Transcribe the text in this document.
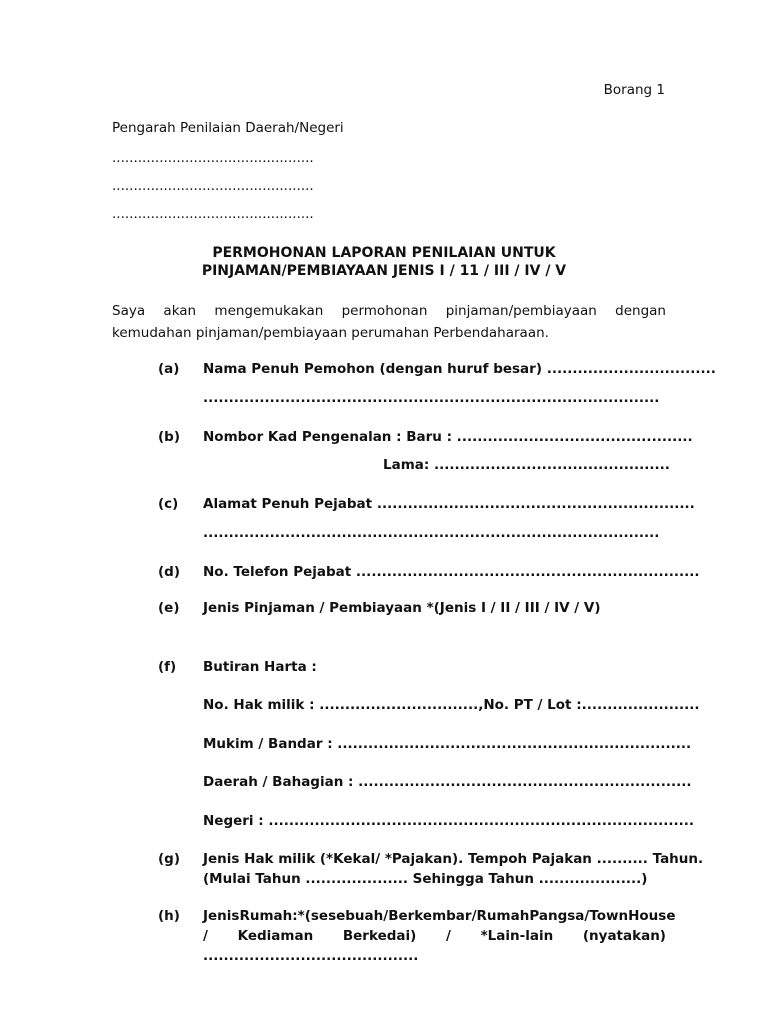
Borang 1
Pengarah Penilaian Daerah/Negeri
...............................................
...............................................
...............................................
PERMOHONAN LAPORAN PENILAIAN UNTUK
PINJAMAN/PEMBIAYAAN JENIS I / 11 / III / IV / V
Saya akan mengemukakan permohonan pinjaman/pembiayaan dengan kemudahan pinjaman/pembiayaan perumahan Perbendaharaan.
(a) Nama Penuh Pemohon (dengan huruf besar) .................................
.........................................................................................
(b) Nombor Kad Pengenalan : Baru : ..............................................
Lama: ..............................................
(c) Alamat Penuh Pejabat ..............................................................
.........................................................................................
(d) No. Telefon Pejabat ...................................................................
(e) Jenis Pinjaman / Pembiayaan *(Jenis I / II / III / IV / V)
(f) Butiran Harta :
No. Hak milik : ...............................,No. PT / Lot :.......................
Mukim / Bandar : .....................................................................
Daerah / Bahagian : .................................................................
Negeri : ...................................................................................
(g) Jenis Hak milik (*Kekal/ *Pajakan). Tempoh Pajakan .......... Tahun.
(Mulai Tahun .................... Sehingga Tahun ....................)
(h) Jenis Rumah : *(sesebuah / Berkembar / Rumah Pangsa / Town House
/ Kediaman Berkedai) / *Lain-lain (nyatakan)
..........................................
